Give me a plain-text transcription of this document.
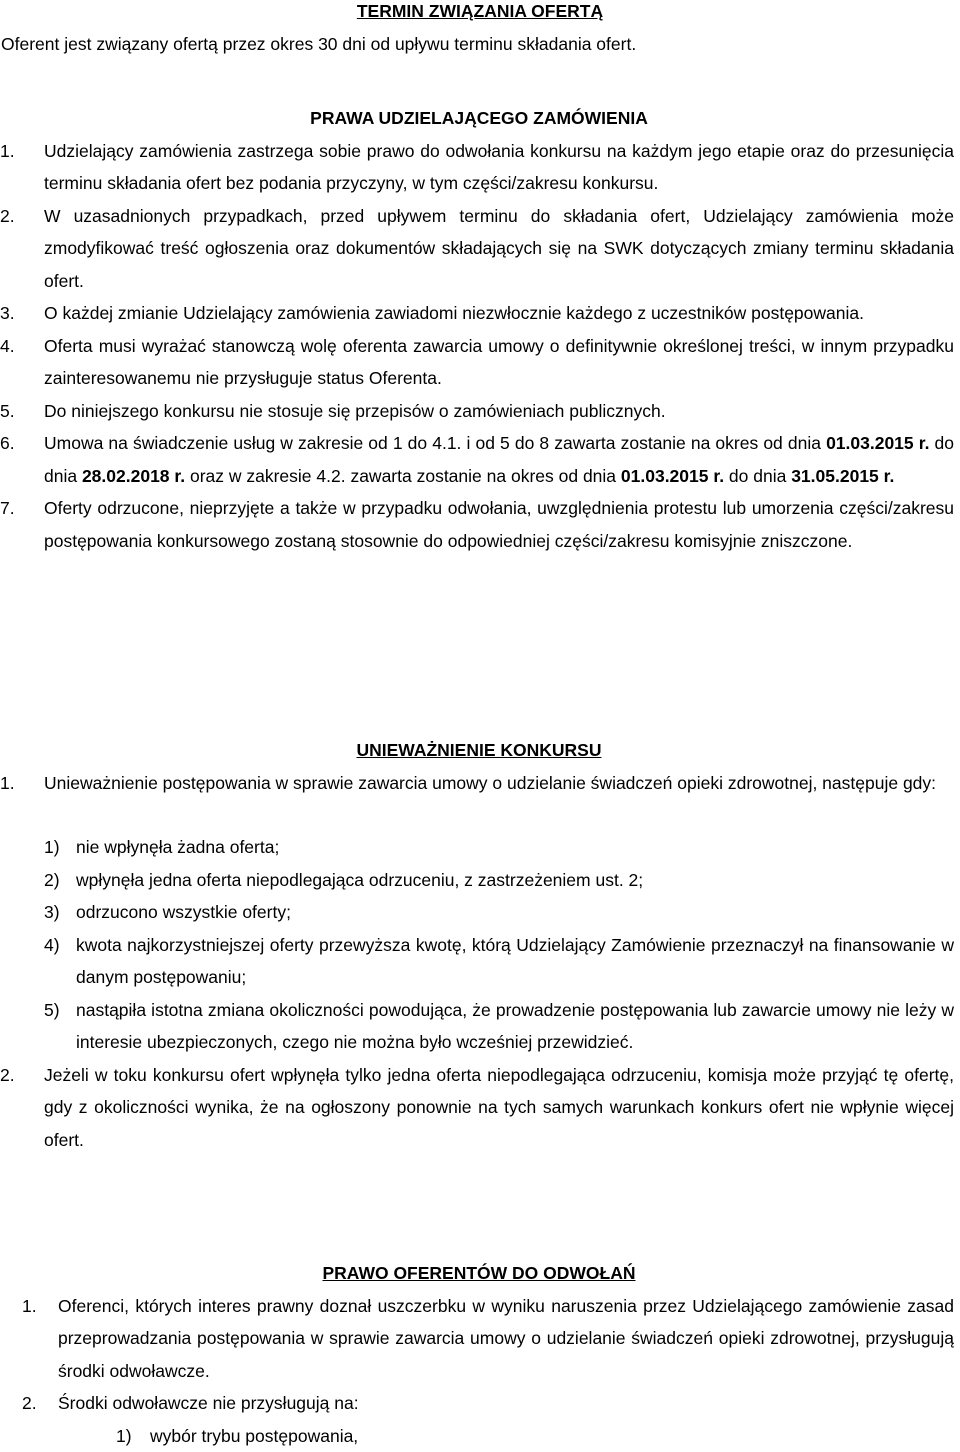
TERMIN ZWIĄZANIA OFERTĄ

Oferent jest związany ofertą przez okres 30 dni od upływu terminu składania ofert.

PRAWA UDZIELAJĄCEGO ZAMÓWIENIA

1. Udzielający zamówienia zastrzega sobie prawo do odwołania konkursu na każdym jego etapie oraz do przesunięcia terminu składania ofert bez podania przyczyny, w tym części/zakresu konkursu.
2. W uzasadnionych przypadkach, przed upływem terminu do składania ofert, Udzielający zamówienia może zmodyfikować treść ogłoszenia oraz dokumentów składających się na SWK dotyczących zmiany terminu składania ofert.
3. O każdej zmianie Udzielający zamówienia zawiadomi niezwłocznie każdego z uczestników postępowania.
4. Oferta musi wyrażać stanowczą wolę oferenta zawarcia umowy o definitywnie określonej treści, w innym przypadku zainteresowanemu nie przysługuje status Oferenta.
5. Do niniejszego konkursu nie stosuje się przepisów o zamówieniach publicznych.
6. Umowa na świadczenie usług w zakresie od 1 do 4.1. i od 5 do 8 zawarta zostanie na okres od dnia 01.03.2015 r. do dnia 28.02.2018 r. oraz w zakresie 4.2. zawarta zostanie na okres od dnia 01.03.2015 r. do dnia 31.05.2015 r.
7. Oferty odrzucone, nieprzyjęte a także w przypadku odwołania, uwzględnienia protestu lub umorzenia części/zakresu postępowania konkursowego zostaną stosownie do odpowiedniej części/zakresu komisyjnie zniszczone.

UNIEWAŻNIENIE KONKURSU

1. Unieważnienie postępowania w sprawie zawarcia umowy o udzielanie świadczeń opieki zdrowotnej, następuje gdy:
1) nie wpłynęła żadna oferta;
2) wpłynęła jedna oferta niepodlegająca odrzuceniu, z zastrzeżeniem ust. 2;
3) odrzucono wszystkie oferty;
4) kwota najkorzystniejszej oferty przewyższa kwotę, którą Udzielający Zamówienie przeznaczył na finansowanie w danym postępowaniu;
5) nastąpiła istotna zmiana okoliczności powodująca, że prowadzenie postępowania lub zawarcie umowy nie leży w interesie ubezpieczonych, czego nie można było wcześniej przewidzieć.
2. Jeżeli w toku konkursu ofert wpłynęła tylko jedna oferta niepodlegająca odrzuceniu, komisja może przyjąć tę ofertę, gdy z okoliczności wynika, że na ogłoszony ponownie na tych samych warunkach konkurs ofert nie wpłynie więcej ofert.

PRAWO OFERENTÓW DO ODWOŁAŃ

1. Oferenci, których interes prawny doznał uszczerbku w wyniku naruszenia przez Udzielającego zamówienie zasad przeprowadzania postępowania w sprawie zawarcia umowy o udzielanie świadczeń opieki zdrowotnej, przysługują środki odwoławcze.
2. Środki odwoławcze nie przysługują na:
1) wybór trybu postępowania,
